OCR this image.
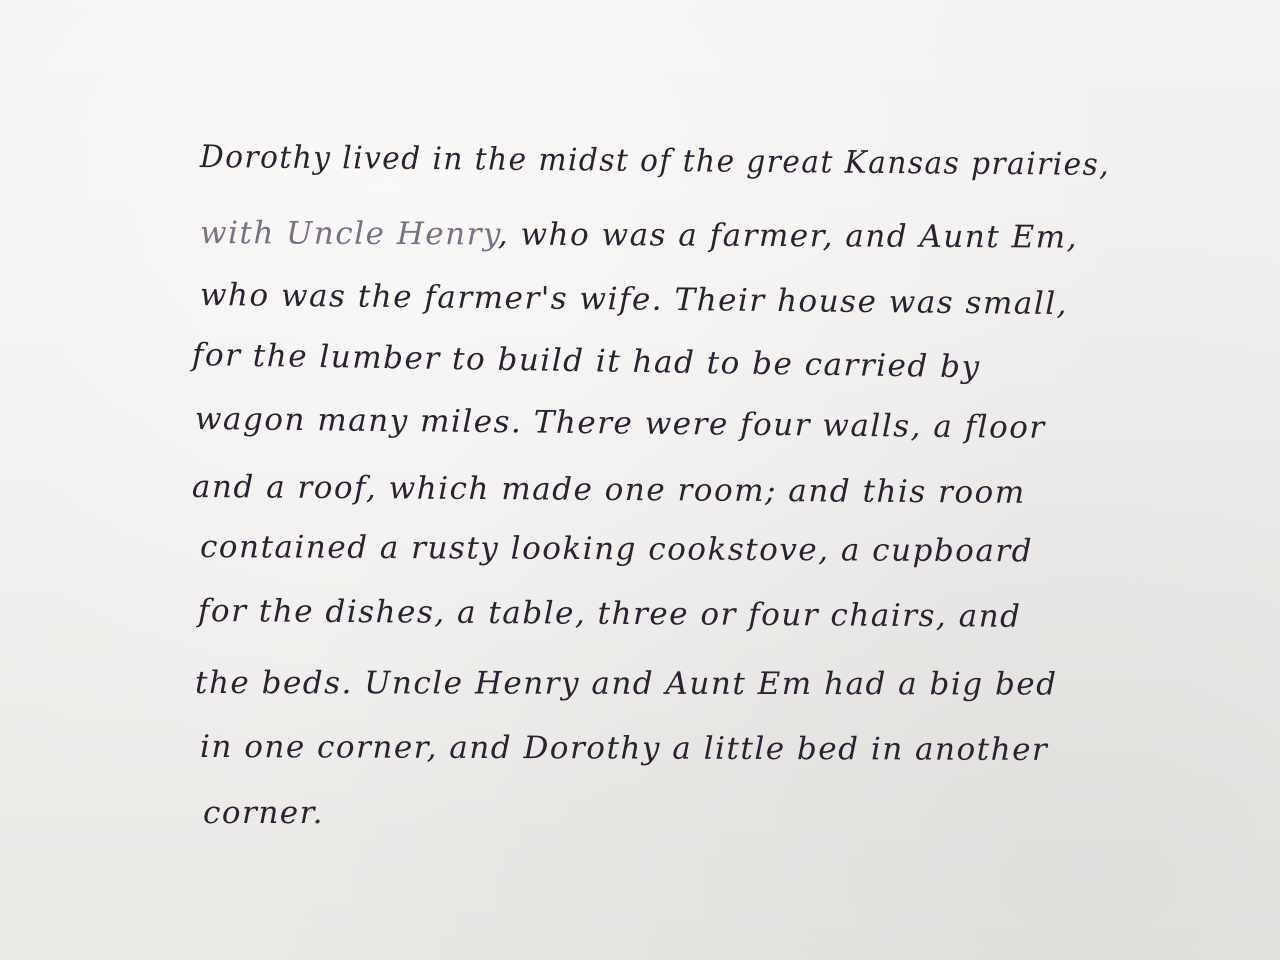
Dorothy lived in the midst of the great Kansas prairies,
with Uncle Henry, who was a farmer, and Aunt Em,
who was the farmer's wife. Their house was small,
for the lumber to build it had to be carried by
wagon many miles. There were four walls, a floor
and a roof, which made one room; and this room
contained a rusty looking cookstove, a cupboard
for the dishes, a table, three or four chairs, and
the beds. Uncle Henry and Aunt Em had a big bed
in one corner, and Dorothy a little bed in another
corner.
